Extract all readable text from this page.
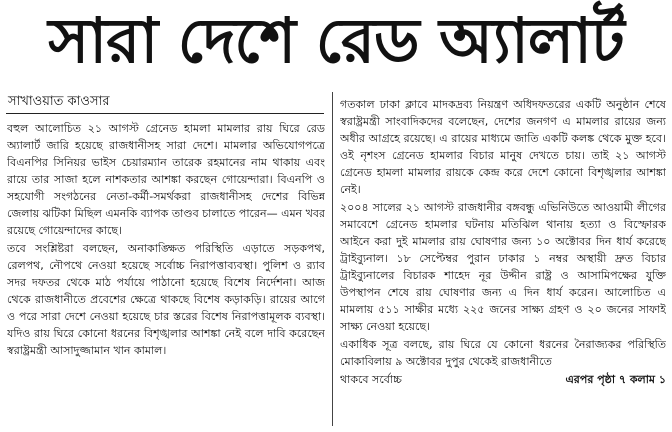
সারা দেশে রেড অ্যালার্ট
সাখাওয়াত কাওসার

বহুল আলোচিত ২১ আগস্ট গ্রেনেড হামলা মামলার রায় ঘিরে রেড অ্যালার্ট জারি হয়েছে রাজধানীসহ সারা দেশে। মামলার অভিযোগপত্রে বিএনপির সিনিয়র ভাইস চেয়ারম্যান তারেক রহমানের নাম থাকায় এবং রায়ে তার সাজা হলে নাশকতার আশঙ্কা করছেন গোয়েন্দারা। বিএনপি ও সহযোগী সংগঠনের নেতা-কর্মী-সমর্থকরা রাজধানীসহ দেশের বিভিন্ন জেলায় ঝটিকা মিছিল এমনকি ব্যাপক তাণ্ডব চালাতে পারেন— এমন খবর রয়েছে গোয়েন্দাদের কাছে।

তবে সংশ্লিষ্টরা বলছেন, অনাকাঙ্ক্ষিত পরিস্থিতি এড়াতে সড়কপথ, রেলপথ, নৌপথে নেওয়া হয়েছে সর্বোচ্চ নিরাপত্তাব্যবস্থা। পুলিশ ও র‌্যাব সদর দফতর থেকে মাঠ পর্যায়ে পাঠানো হয়েছে বিশেষ নির্দেশনা। আজ থেকে রাজধানীতে প্রবেশের ক্ষেত্রে থাকছে বিশেষ কড়াকড়ি। রায়ের আগে ও পরে সারা দেশে নেওয়া হয়েছে চার স্তরের বিশেষ নিরাপত্তামূলক ব্যবস্থা। যদিও রায় ঘিরে কোনো ধরনের বিশৃঙ্খলার আশঙ্কা নেই বলে দাবি করেছেন স্বরাষ্ট্রমন্ত্রী আসাদুজ্জামান খান কামাল।

গতকাল ঢাকা ক্লাবে মাদকদ্রব্য নিয়ন্ত্রণ অধিদফতরের একটি অনুষ্ঠান শেষে স্বরাষ্ট্রমন্ত্রী সাংবাদিকদের বলেছেন, দেশের জনগণ এ মামলার রায়ের জন্য অধীর আগ্রহে রয়েছে। এ রায়ের মাধ্যমে জাতি একটি কলঙ্ক থেকে মুক্ত হবে। ওই নৃশংস গ্রেনেড হামলার বিচার মানুষ দেখতে চায়। তাই ২১ আগস্ট গ্রেনেড হামলা মামলার রায়কে কেন্দ্র করে দেশে কোনো বিশৃঙ্খলার আশঙ্কা নেই।

২০০৪ সালের ২১ আগস্ট রাজধানীর বঙ্গবন্ধু এভিনিউতে আওয়ামী লীগের সমাবেশে গ্রেনেড হামলার ঘটনায় মতিঝিল থানায় হত্যা ও বিস্ফোরক আইনে করা দুই মামলার রায় ঘোষণার জন্য ১০ অক্টোবর দিন ধার্য করেছে ট্রাইব্যুনাল। ১৮ সেপ্টেম্বর পুরান ঢাকার ১ নম্বর অস্থায়ী দ্রুত বিচার ট্রাইব্যুনালের বিচারক শাহেদ নূর উদ্দীন রাষ্ট্র ও আসামিপক্ষের যুক্তি উপস্থাপন শেষে রায় ঘোষণার জন্য এ দিন ধার্য করেন। আলোচিত এ মামলায় ৫১১ সাক্ষীর মধ্যে ২২৫ জনের সাক্ষ্য গ্রহণ ও ২০ জনের সাফাই সাক্ষ্য নেওয়া হয়েছে।

একাধিক সূত্র বলছে, রায় ঘিরে যে কোনো ধরনের নৈরাজ্যকর পরিস্থিতি মোকাবিলায় ৯ অক্টোবর দুপুর থেকেই রাজধানীতে

থাকবে সর্বোচ্চ	এরপর পৃষ্ঠা ৭ কলাম ১
